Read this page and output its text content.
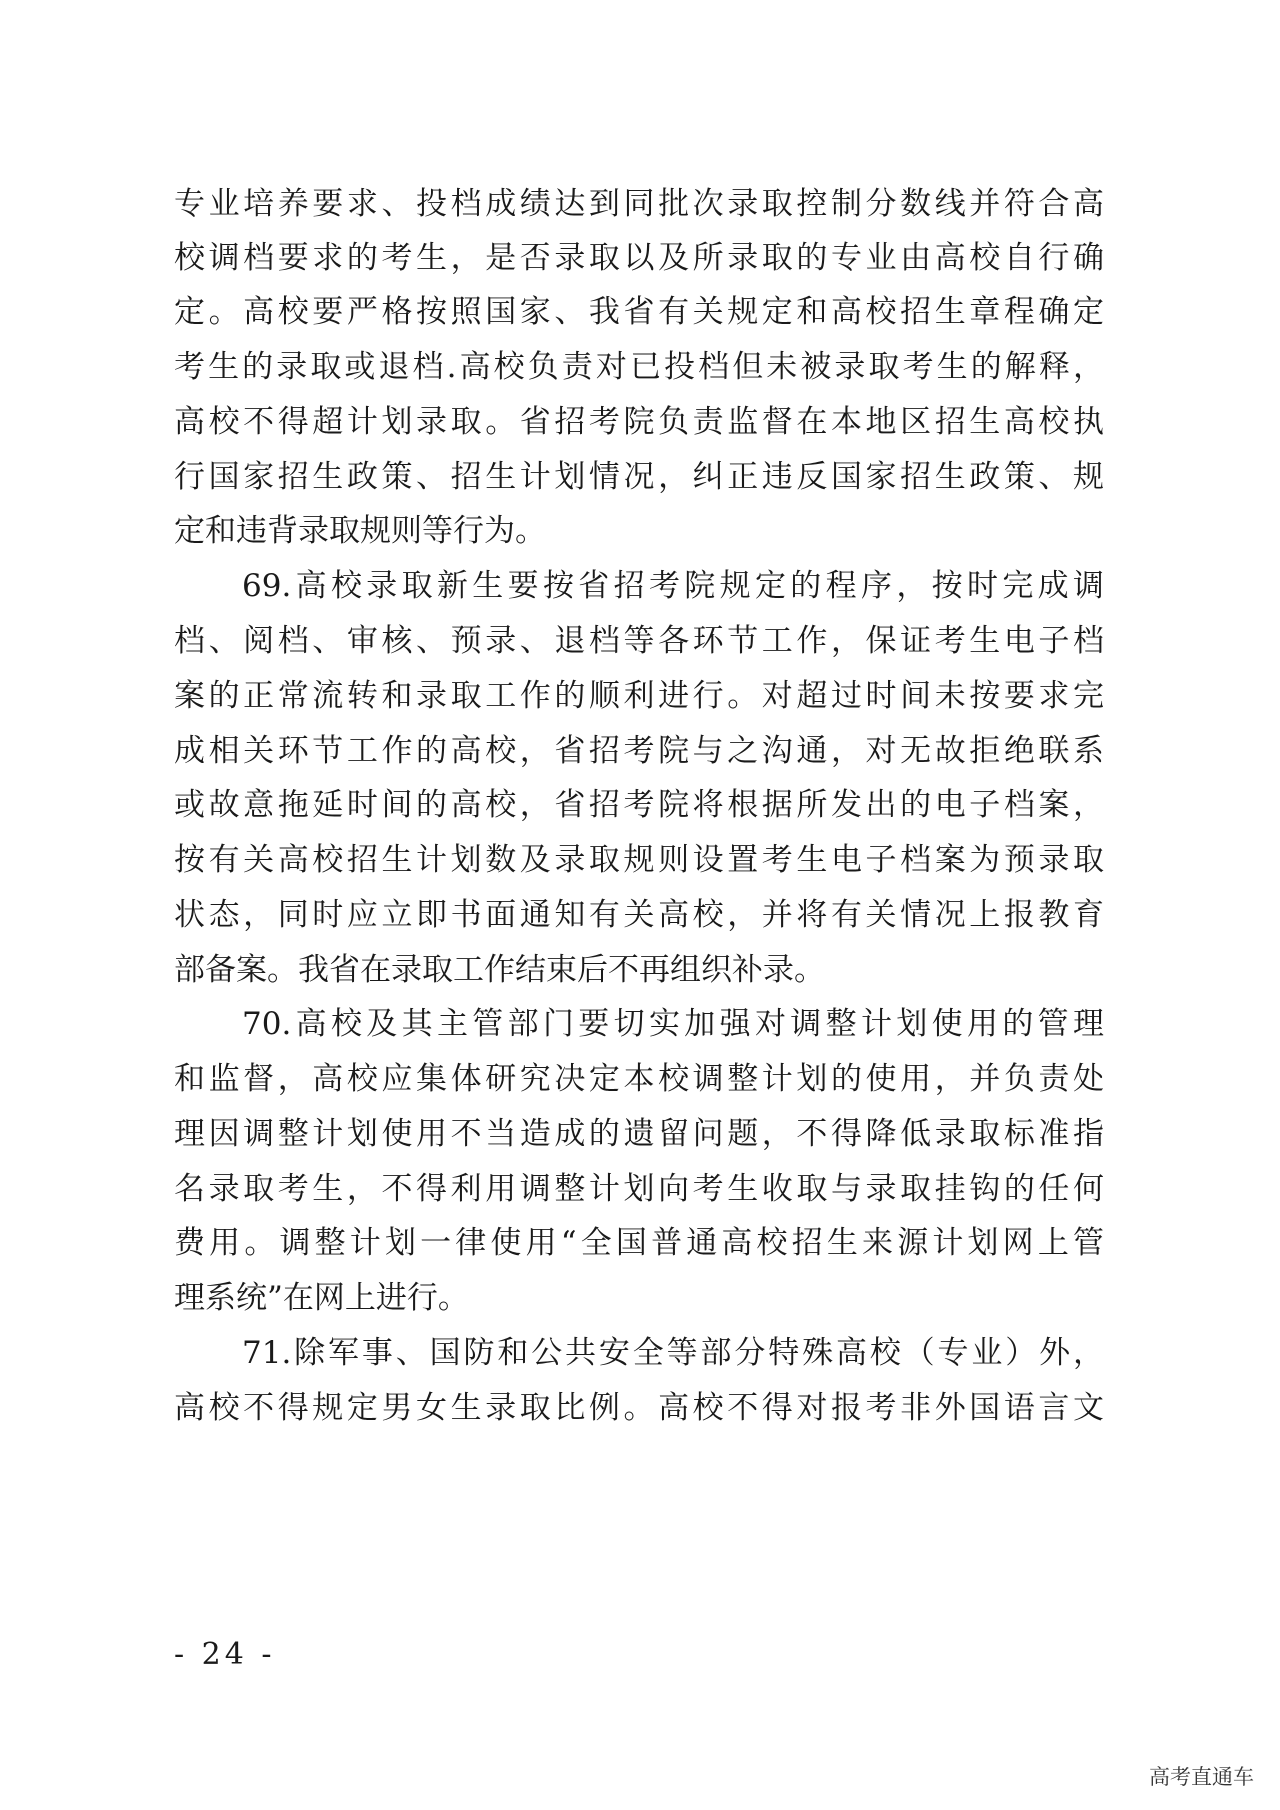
专业培养要求、投档成绩达到同批次录取控制分数线并符合高
校调档要求的考生，是否录取以及所录取的专业由高校自行确
定。高校要严格按照国家、我省有关规定和高校招生章程确定
考生的录取或退档.高校负责对已投档但未被录取考生的解释，
高校不得超计划录取。省招考院负责监督在本地区招生高校执
行国家招生政策、招生计划情况，纠正违反国家招生政策、规
定和违背录取规则等行为。
69.高校录取新生要按省招考院规定的程序，按时完成调
档、阅档、审核、预录、退档等各环节工作，保证考生电子档
案的正常流转和录取工作的顺利进行。对超过时间未按要求完
成相关环节工作的高校，省招考院与之沟通，对无故拒绝联系
或故意拖延时间的高校，省招考院将根据所发出的电子档案，
按有关高校招生计划数及录取规则设置考生电子档案为预录取
状态，同时应立即书面通知有关高校，并将有关情况上报教育
部备案。我省在录取工作结束后不再组织补录。
70.高校及其主管部门要切实加强对调整计划使用的管理
和监督，高校应集体研究决定本校调整计划的使用，并负责处
理因调整计划使用不当造成的遗留问题，不得降低录取标准指
名录取考生，不得利用调整计划向考生收取与录取挂钩的任何
费用。调整计划一律使用“全国普通高校招生来源计划网上管
理系统”在网上进行。
71.除军事、国防和公共安全等部分特殊高校（专业）外，
高校不得规定男女生录取比例。高校不得对报考非外国语言文
- 24 -
高考直通车
